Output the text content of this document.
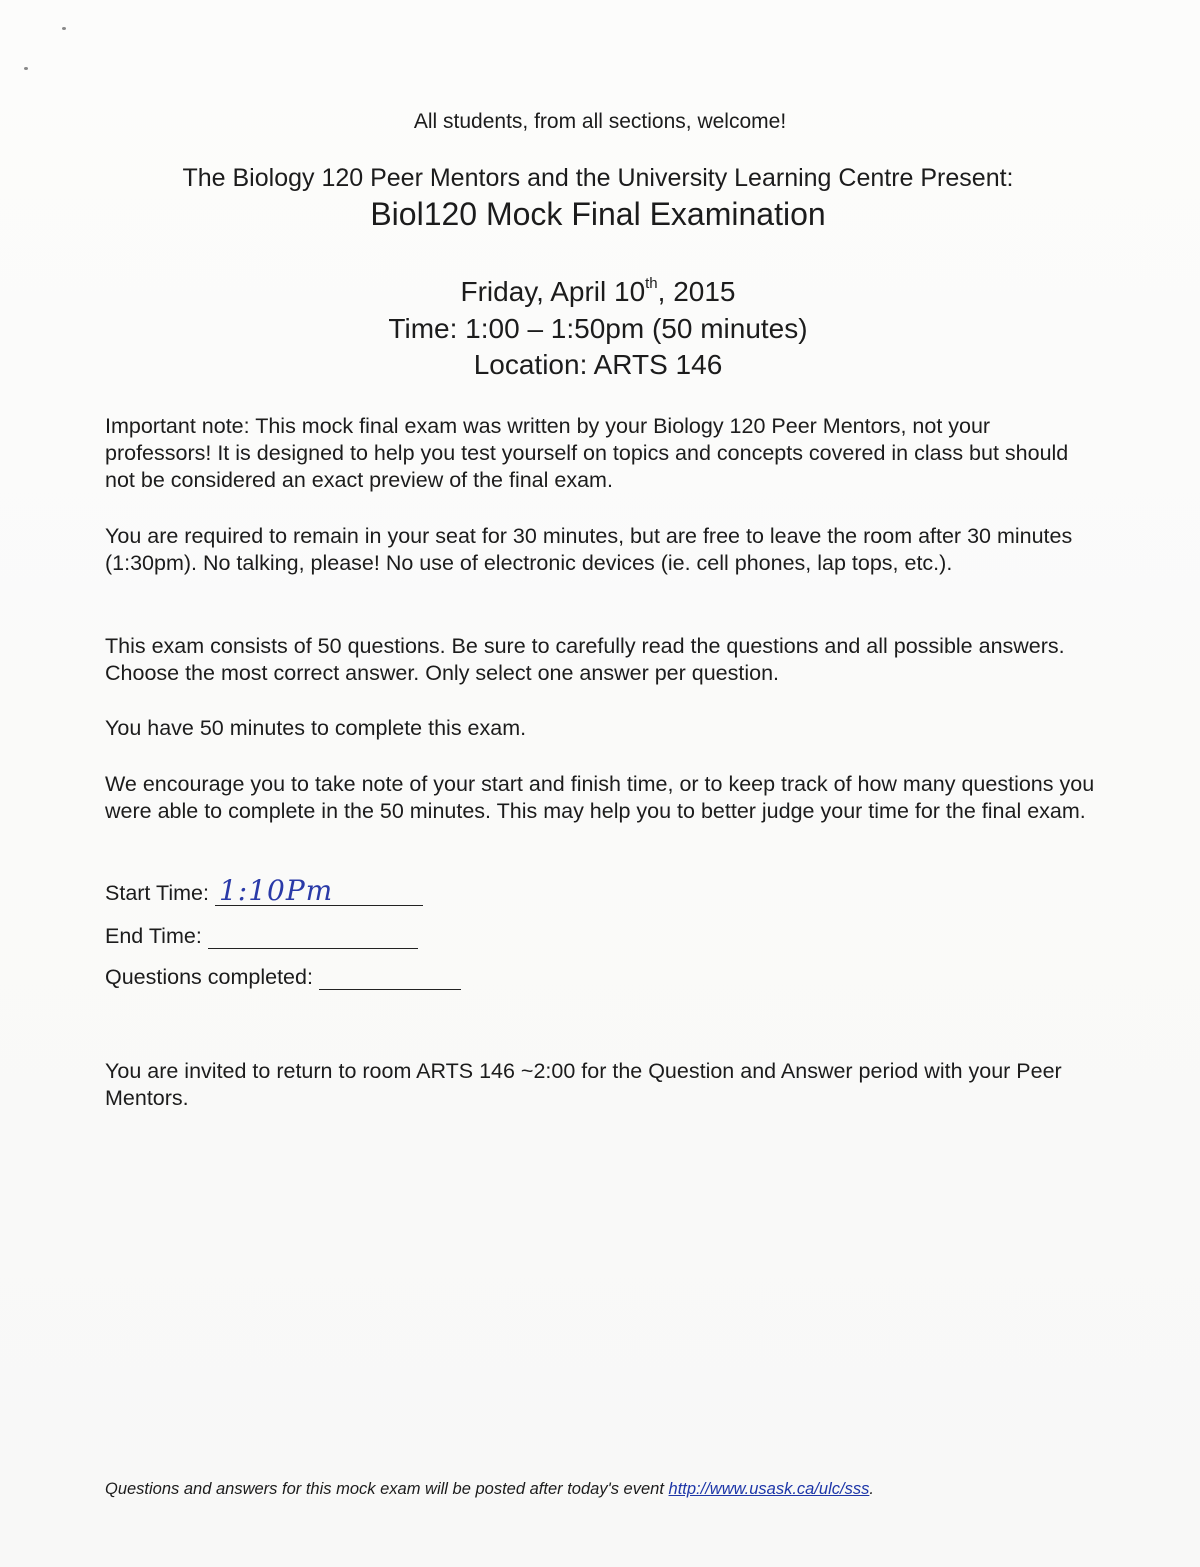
All students, from all sections, welcome!
The Biology 120 Peer Mentors and the University Learning Centre Present:
Biol120 Mock Final Examination
Friday, April 10th, 2015
Time: 1:00 – 1:50pm (50 minutes)
Location: ARTS 146

Important note: This mock final exam was written by your Biology 120 Peer Mentors, not your professors! It is designed to help you test yourself on topics and concepts covered in class but should not be considered an exact preview of the final exam.

You are required to remain in your seat for 30 minutes, but are free to leave the room after 30 minutes (1:30pm). No talking, please! No use of electronic devices (ie. cell phones, lap tops, etc.).

This exam consists of 50 questions. Be sure to carefully read the questions and all possible answers. Choose the most correct answer. Only select one answer per question.

You have 50 minutes to complete this exam.

We encourage you to take note of your start and finish time, or to keep track of how many questions you were able to complete in the 50 minutes. This may help you to better judge your time for the final exam.

Start Time: 1:10Pm
End Time:
Questions completed:

You are invited to return to room ARTS 146 ~2:00 for the Question and Answer period with your Peer Mentors.

Questions and answers for this mock exam will be posted after today's event http://www.usask.ca/ulc/sss.
